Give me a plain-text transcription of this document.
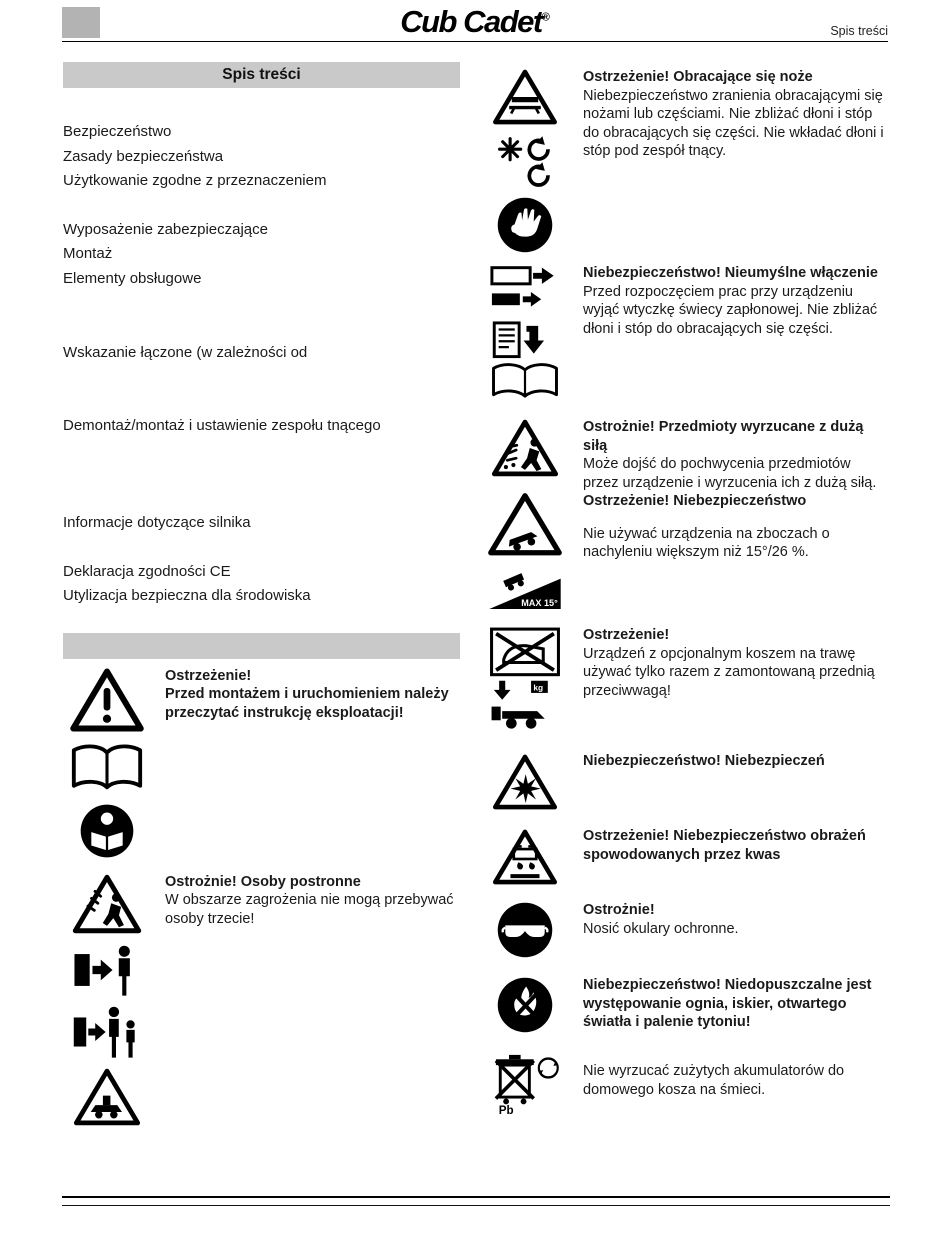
Cub Cadet®
Spis treści
Spis treści
Bezpieczeństwo
Zasady bezpieczeństwa
Użytkowanie zgodne z przeznaczeniem
Wyposażenie zabezpieczające
Montaż
Elementy obsługowe
Wskazanie łączone (w zależności od
Demontaż/montaż i ustawienie zespołu tnącego
Informacje dotyczące silnika
Deklaracja zgodności CE
Utylizacja bezpieczna dla środowiska
Ostrzeżenie!
Przed montażem i uruchomieniem należy przeczytać instrukcję eksploatacji!
Ostrożnie! Osoby postronne
W obszarze zagrożenia nie mogą przebywać osoby trzecie!
Ostrzeżenie! Obracające się noże
Niebezpieczeństwo zranienia obracającymi się nożami lub częściami. Nie zbliżać dłoni i stóp do obracających się części. Nie wkładać dłoni i stóp pod zespół tnący.
Niebezpieczeństwo! Nieumyślne włączenie
Przed rozpoczęciem prac przy urządzeniu wyjąć wtyczkę świecy zapłonowej. Nie zbliżać dłoni i stóp do obracających się części.
Ostrożnie! Przedmioty wyrzucane z dużą siłą
Może dojść do pochwycenia przedmiotów przez urządzenie i wyrzucenia ich z dużą siłą.
MAX 15°
Ostrzeżenie! Niebezpieczeństwo
Nie używać urządzenia na zboczach o nachyleniu większym niż 15°/26 %.
kg
Ostrzeżenie!
Urządzeń z opcjonalnym koszem na trawę używać tylko razem z zamontowaną przednią przeciwwagą!
Niebezpieczeństwo! Niebezpieczeń
Ostrzeżenie! Niebezpieczeństwo obrażeń spowodowanych przez kwas
Ostrożnie!
Nosić okulary ochronne.
Niebezpieczeństwo! Niedopuszczalne jest występowanie ognia, iskier, otwartego światła i palenie tytoniu!
Pb
Nie wyrzucać zużytych akumulatorów do domowego kosza na śmieci.
